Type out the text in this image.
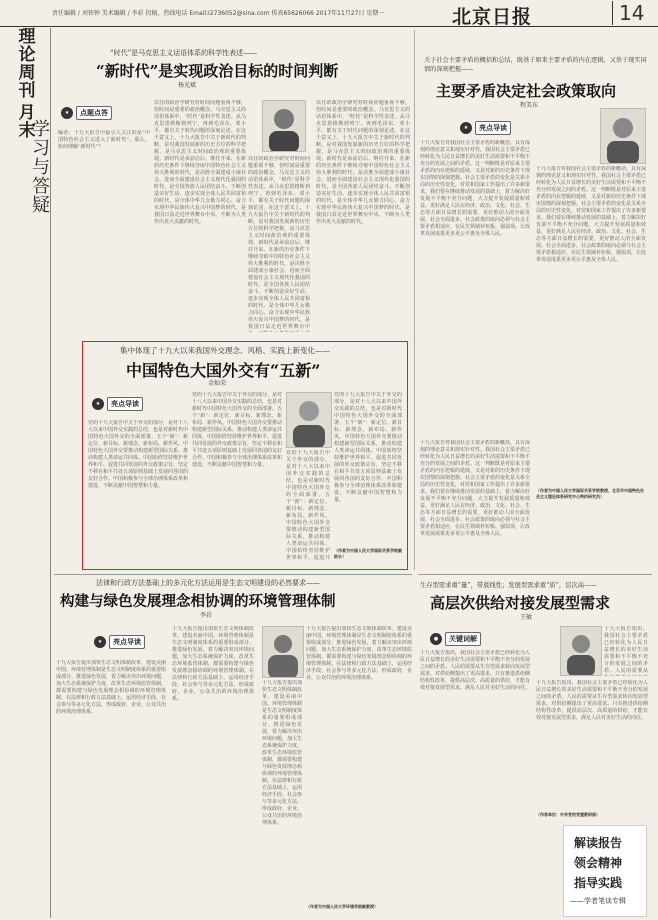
责任编辑 / 刘铁钟 美术编辑 / 李彩 投稿、热线电话 Email:I2736052@sina.com 传真65626066 2017年11月27日 星期一	北京日报	14
理
论
周
刊
月
末
学
习
与
答
疑
“时代”是马克思主义话语体系的科学性表述——
“新时代”是实现政治目标的时间判断
杨光斌
★	点题点答
编者：十九大报告中最引人关注的是“中国特色社会主义进入了新时代”。那么，如何理解“新时代”？
以往的政治学研究对时间问题重视不够，但时间是重要的政治概念。马克思主义的话语体系中，“时代”是科学性表述。从马克思恩格斯到列宁，再到毛泽东、邓小平，都有关于时代问题的深刻论述。在这个意义上，十九大报告中关于新时代的判断，是对我国发展新的历史方位的科学把握，是马克思主义时间政治观的重要体现。新时代是承前启后、继往开来、在新的历史条件下继续夺取中国特色社会主义伟大胜利的时代，是决胜全面建成小康社会、进而全面建设社会主义现代化强国的时代，是全国各族人民团结奋斗、不断创造美好生活、逐步实现全体人民共同富裕的时代，是全体中华儿女勠力同心、奋力实现中华民族伟大复兴中国梦的时代，是我国日益走近世界舞台中央、不断为人类作出更大贡献的时代。
以往的政治学研究对时间问题重视不够，但时间是重要的政治概念。马克思主义的话语体系中，“时代”是科学性表述。从马克思恩格斯到列宁，再到毛泽东、邓小平，都有关于时代问题的深刻论述。在这个意义上，十九大报告中关于新时代的判断，是对我国发展新的历史方位的科学把握，是马克思主义时间政治观的重要体现。新时代是承前启后、继往开来、在新的历史条件下继续夺取中国特色社会主义伟大胜利的时代，是决胜全面建成小康社会、进而全面建设社会主义现代化强国的时代，是全国各族人民团结奋斗、不断创造美好生活、逐步实现全体人民共同富裕的时代，是全体中华儿女勠力同心、奋力实现中华民族伟大复兴中国梦的时代，是我国日益走近世界舞台中
以往的政治学研究对时间问题重视不够，但时间是重要的政治概念。马克思主义的话语体系中，“时代”是科学性表述。从马克思恩格斯到列宁，再到毛泽东、邓小平，都有关于时代问题的深刻论述。在这个意义上，十九大报告中关于新时代的判断，是对我国发展新的历史方位的科学把握，是马克思主义时间政治观的重要体现。新时代是承前启后、继往开来、在新的历史条件下继续夺取中国特色社会主义伟大胜利的时代，是决胜全面建成小康社会、进而全面建设社会主义现代化强国的时代，是全国各族人民团结奋斗、不断创造美好生活、逐步实现全体人民共同富裕的时代，是全体中华儿女勠力同心、奋力实现中华民族伟大复兴中国梦的时代，是我国日益走近世界舞台中央、不断为人类作出更大贡献的时代。
关于社会主要矛盾的概括和总结，既基于原来主要矛盾的内在逻辑，又基于现实国情的深刻把握——
主要矛盾决定社会政策取向
程美东
★	亮点导读
十九大报告对我国社会主要矛盾的新概括，具有深刻的理论意义和现实针对性。我国社会主要矛盾已经转化为人民日益增长的美好生活需要和不平衡不充分的发展之间的矛盾。这一判断既是对原来主要矛盾的内在逻辑的延续，又是对新的历史条件下现实国情的深刻把握。社会主要矛盾的变化是关系全局的历史性变化，对党和国家工作提出了许多新要求。我们要在继续推动发展的基础上，着力解决好发展不平衡不充分问题，大力提升发展质量和效益，更好满足人民在经济、政治、文化、社会、生态等方面日益增长的需要，更好推动人的全面发展、社会全面进步。社会政策的取向必须与社会主要矛盾相适应，在民生领域补短板、强弱项，让改革发展成果更多更公平惠及全体人民。
十九大报告对我国社会主要矛盾的新概括，具有深刻的理论意义和现实针对性。我国社会主要矛盾已经转化为人民日益增长的美好生活需要和不平衡不充分的发展之间的矛盾。这一判断既是对原来主要矛盾的内在逻辑的延续，又是对新的历史条件下现实国情的深刻把握。社会主要矛盾的变化是关系全局的历史性变化，对党和国家工作提出了许多新要求。我们要在继续推动发展的基础上，着力解决好发展不平衡不充分问题，大力提升发展质量和效益，更好满足人民在经济、政治、文化、社会、生态等方面日益增长的需要，更好推动人的全面发展、社会全面进步。社会政策的取向必须与社会主要矛盾相适应，在民生领域补短板、强弱项，让改革发展成果更多更公平惠及全体人民。
（作者为中国人民大学国际关系学院教授，北京市中国特色社会主义理论体系研究中心特约研究员）
十九大报告对我国社会主要矛盾的新概括，具有深刻的理论意义和现实针对性。我国社会主要矛盾已经转化为人民日益增长的美好生活需要和不平衡不充分的发展之间的矛盾。这一判断既是对原来主要矛盾的内在逻辑的延续，又是对新的历史条件下现实国情的深刻把握。社会主要矛盾的变化是关系全局的历史性变化，对党和国家工作提出了许多新要求。我们要在继续推动发展的基础上，着力解决好发展不平衡不充分问题，大力提升发展质量和效益，更好满足人民在经济、政治、文化、社会、生态等方面日益增长的需要，更好推动人的全面发展、社会全面进步。社会政策的取向必须与社会主要矛盾相适应，在民生领域补短板、强弱项，让改革发展成果更多更公平惠及全体人民。
集中体现了十九大以来我国外交理念、风格、实践上新变化——
中国特色大国外交有“五新”
金灿荣
★	亮点导读
党的十九大报告中关于外交的部分，是对十八大以来中国外交实践的总结，也是对新时代中国特色大国外交的全面部署。五个“新”：新定位、新目标、新理念、新布局、新作风。中国特色大国外交要推动构建新型国际关系，推动构建人类命运共同体。中国始终坚持维护世界和平、促进共同发展的外交政策宗旨，坚定不移在和平共处五项原则基础上发展同各国的友好合作。中国积极参与全球治理体系改革和建设，不断贡献中国智慧和力量。
党的十九大报告中关于外交的部分，是对十八大以来中国外交实践的总结，也是对新时代中国特色大国外交的全面部署。五个“新”：新定位、新目标、新理念、新布局、新作风。中国特色大国外交要推动构建新型国际关系，推动构建人类命运共同体。中国始终坚持维护世界和平、促进共同发展的外交政策宗旨，坚定不移在和平共处五项原则基础上发展同各国的友好合作。中国积极参与全球治理体系改革和建设，不断贡献中国智慧和力量。
党的十九大报告中关于外交的部分，是对十八大以来中国外交实践的总结，也是对新时代中国特色大国外交的全面部署。五个“新”：新定位、新目标、新理念、新布局、新作风。中国特色大国外交要推动构建新型国际关系，推动构建人类命运共同体。中国始终坚持维护世界和平、促进共
党的十九大报告中关于外交的部分，是对十八大以来中国外交实践的总结，也是对新时代中国特色大国外交的全面部署。五个“新”：新定位、新目标、新理念、新布局、新作风。中国特色大国外交要推动构建新型国际关系，推动构建人类命运共同体。中国始终坚持维护世界和平、促进共同发展的外交政策宗旨，坚定不移在和平共处五项原则基础上发展同各国的友好合作。中国积极参与全球治理体系改革和建设，不断贡献中国智慧和力量。
（作者为中国人民大学国际关系学院副院长）
生存型需求重“量”，带底线性；发展型需求重“质”，层次高——
高层次供给对接发展型需求
王敏
●	关键词解
十九大报告指出，我国社会主要矛盾已经转化为人民日益增长的美好生活需要和不平衡不充分的发展之间的矛盾。人民的需要从
十九大报告指出，我国社会主要矛盾已经转化为人民日益增长的美好生活需要和不平衡不充分的发展之间的矛盾。人民的需要从生存型需求转向发展型需求，对供给侧提出了更高要求。只有推进供给侧结构性改革，提供高层次、高质量的供给，才能有效对接发展型需求，满足人民对美好生活的向往。
十九大报告指出，我国社会主要矛盾已经转化为人民日益增长的美好生活需要和不平衡不充分的发展之间的矛盾。人民的需要从生存型需求转向发展型需求，对供给侧提出了更高要求。只有推进供给侧结构性改革，提供高层次、高质量的供给，才能有效对接发展型需求，满足人民对美好生活的向往。
（作者单位：中共党校党建教研部）
法律和行政方法基础上的多元化方法运用是生态文明建设的必然要求——
构建与绿色发展理念相协调的环境管理体制
李岩
★	亮点导读
十九大报告提出加快生态文明体制改革，建设美丽中国。环境管理体制是生态文明制度体系的重要组成部分。推进绿色发展，着力解决突出环境问题，加大生态系统保护力度，改革生态环境监管体制，都需要构建与绿色发展理念相协调的环境管理体制。在法律和行政方法基础上，运用经济手段、社会参与等多元化方法，形成政府、企业、公众共治的环境治理体系。
十九大报告提出加快生态文明体制改革，建设美丽中国。环境管理体制是生态文明制度体系的重要组成部分。推进绿色发展，着力解决突出环境问题，加大生态系统保护力度，改革生态环境监管体制，都需要构建与绿色发展理念相协调的环境管理体制。在法律和行政方法基础上，运用经济手段、社会参与等多元化方法，形成政府、企业、公众共治的环境治理体系。
十九大报告提出加快生态文明体制改革，建设美丽中国。环境管理体制是生态文明制度体系的重要组成部分。推进绿色发展，着力解决突出环境问题，加大生态系统保护力度，改革生态环境监管体制，都需要构建与绿色发展理念相协调的环境管理体制。在法律和行政方法基础上，运用经济手段、社会参与等多元化方法，形成政府、企业、公众共治的环境治理体系。
十九大报告提出加快生态文明体制改革，建设美丽中国。环境管理体制是生态文明制度体系的重要组成部分。推进绿色发展，着力解决突出环境问题，加大生态系统保护力度，改革生态环境监管体制，都需要构建与绿色发展理念相协调的环境管理体制。在法律和行政方法基础上，运用经济手段、社会参与等多元化方法，形成政府、企业、公众共治的环境治理体系。
（作者为中国人民大学环境学院副教授）
解读报告
领会精神
指导实践
——学者笔谈专辑
